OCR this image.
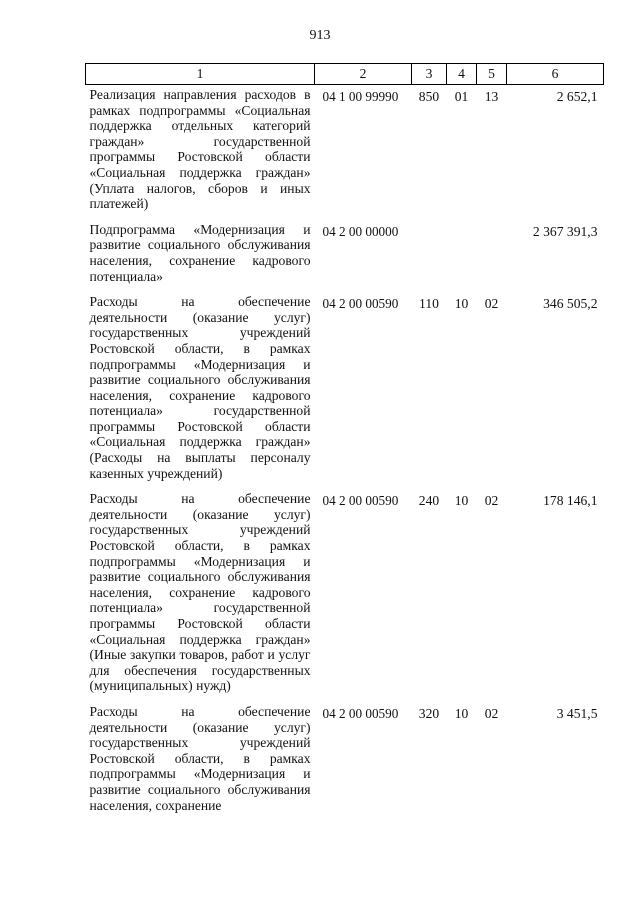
913
1	2	3	4	5	6
Реализация направления расходов в рамках подпрограммы «Социальная поддержка отдельных категорий граждан» государственной программы Ростовской области «Социальная поддержка граждан» (Уплата налогов, сборов и иных платежей)	04 1 00 99990	850	01	13	2 652,1
Подпрограмма «Модернизация и развитие социального обслуживания населения, сохранение кадрового потенциала»	04 2 00 00000				2 367 391,3
Расходы на обеспечение деятельности (оказание услуг) государственных учреждений Ростовской области, в рамках подпрограммы «Модернизация и развитие социального обслуживания населения, сохранение кадрового потенциала» государственной программы Ростовской области «Социальная поддержка граждан» (Расходы на выплаты персоналу казенных учреждений)	04 2 00 00590	110	10	02	346 505,2
Расходы на обеспечение деятельности (оказание услуг) государственных учреждений Ростовской области, в рамках подпрограммы «Модернизация и развитие социального обслуживания населения, сохранение кадрового потенциала» государственной программы Ростовской области «Социальная поддержка граждан» (Иные закупки товаров, работ и услуг для обеспечения государственных (муниципальных) нужд)	04 2 00 00590	240	10	02	178 146,1
Расходы на обеспечение деятельности (оказание услуг) государственных учреждений Ростовской области, в рамках подпрограммы «Модернизация и развитие социального обслуживания населения, сохранение	04 2 00 00590	320	10	02	3 451,5
